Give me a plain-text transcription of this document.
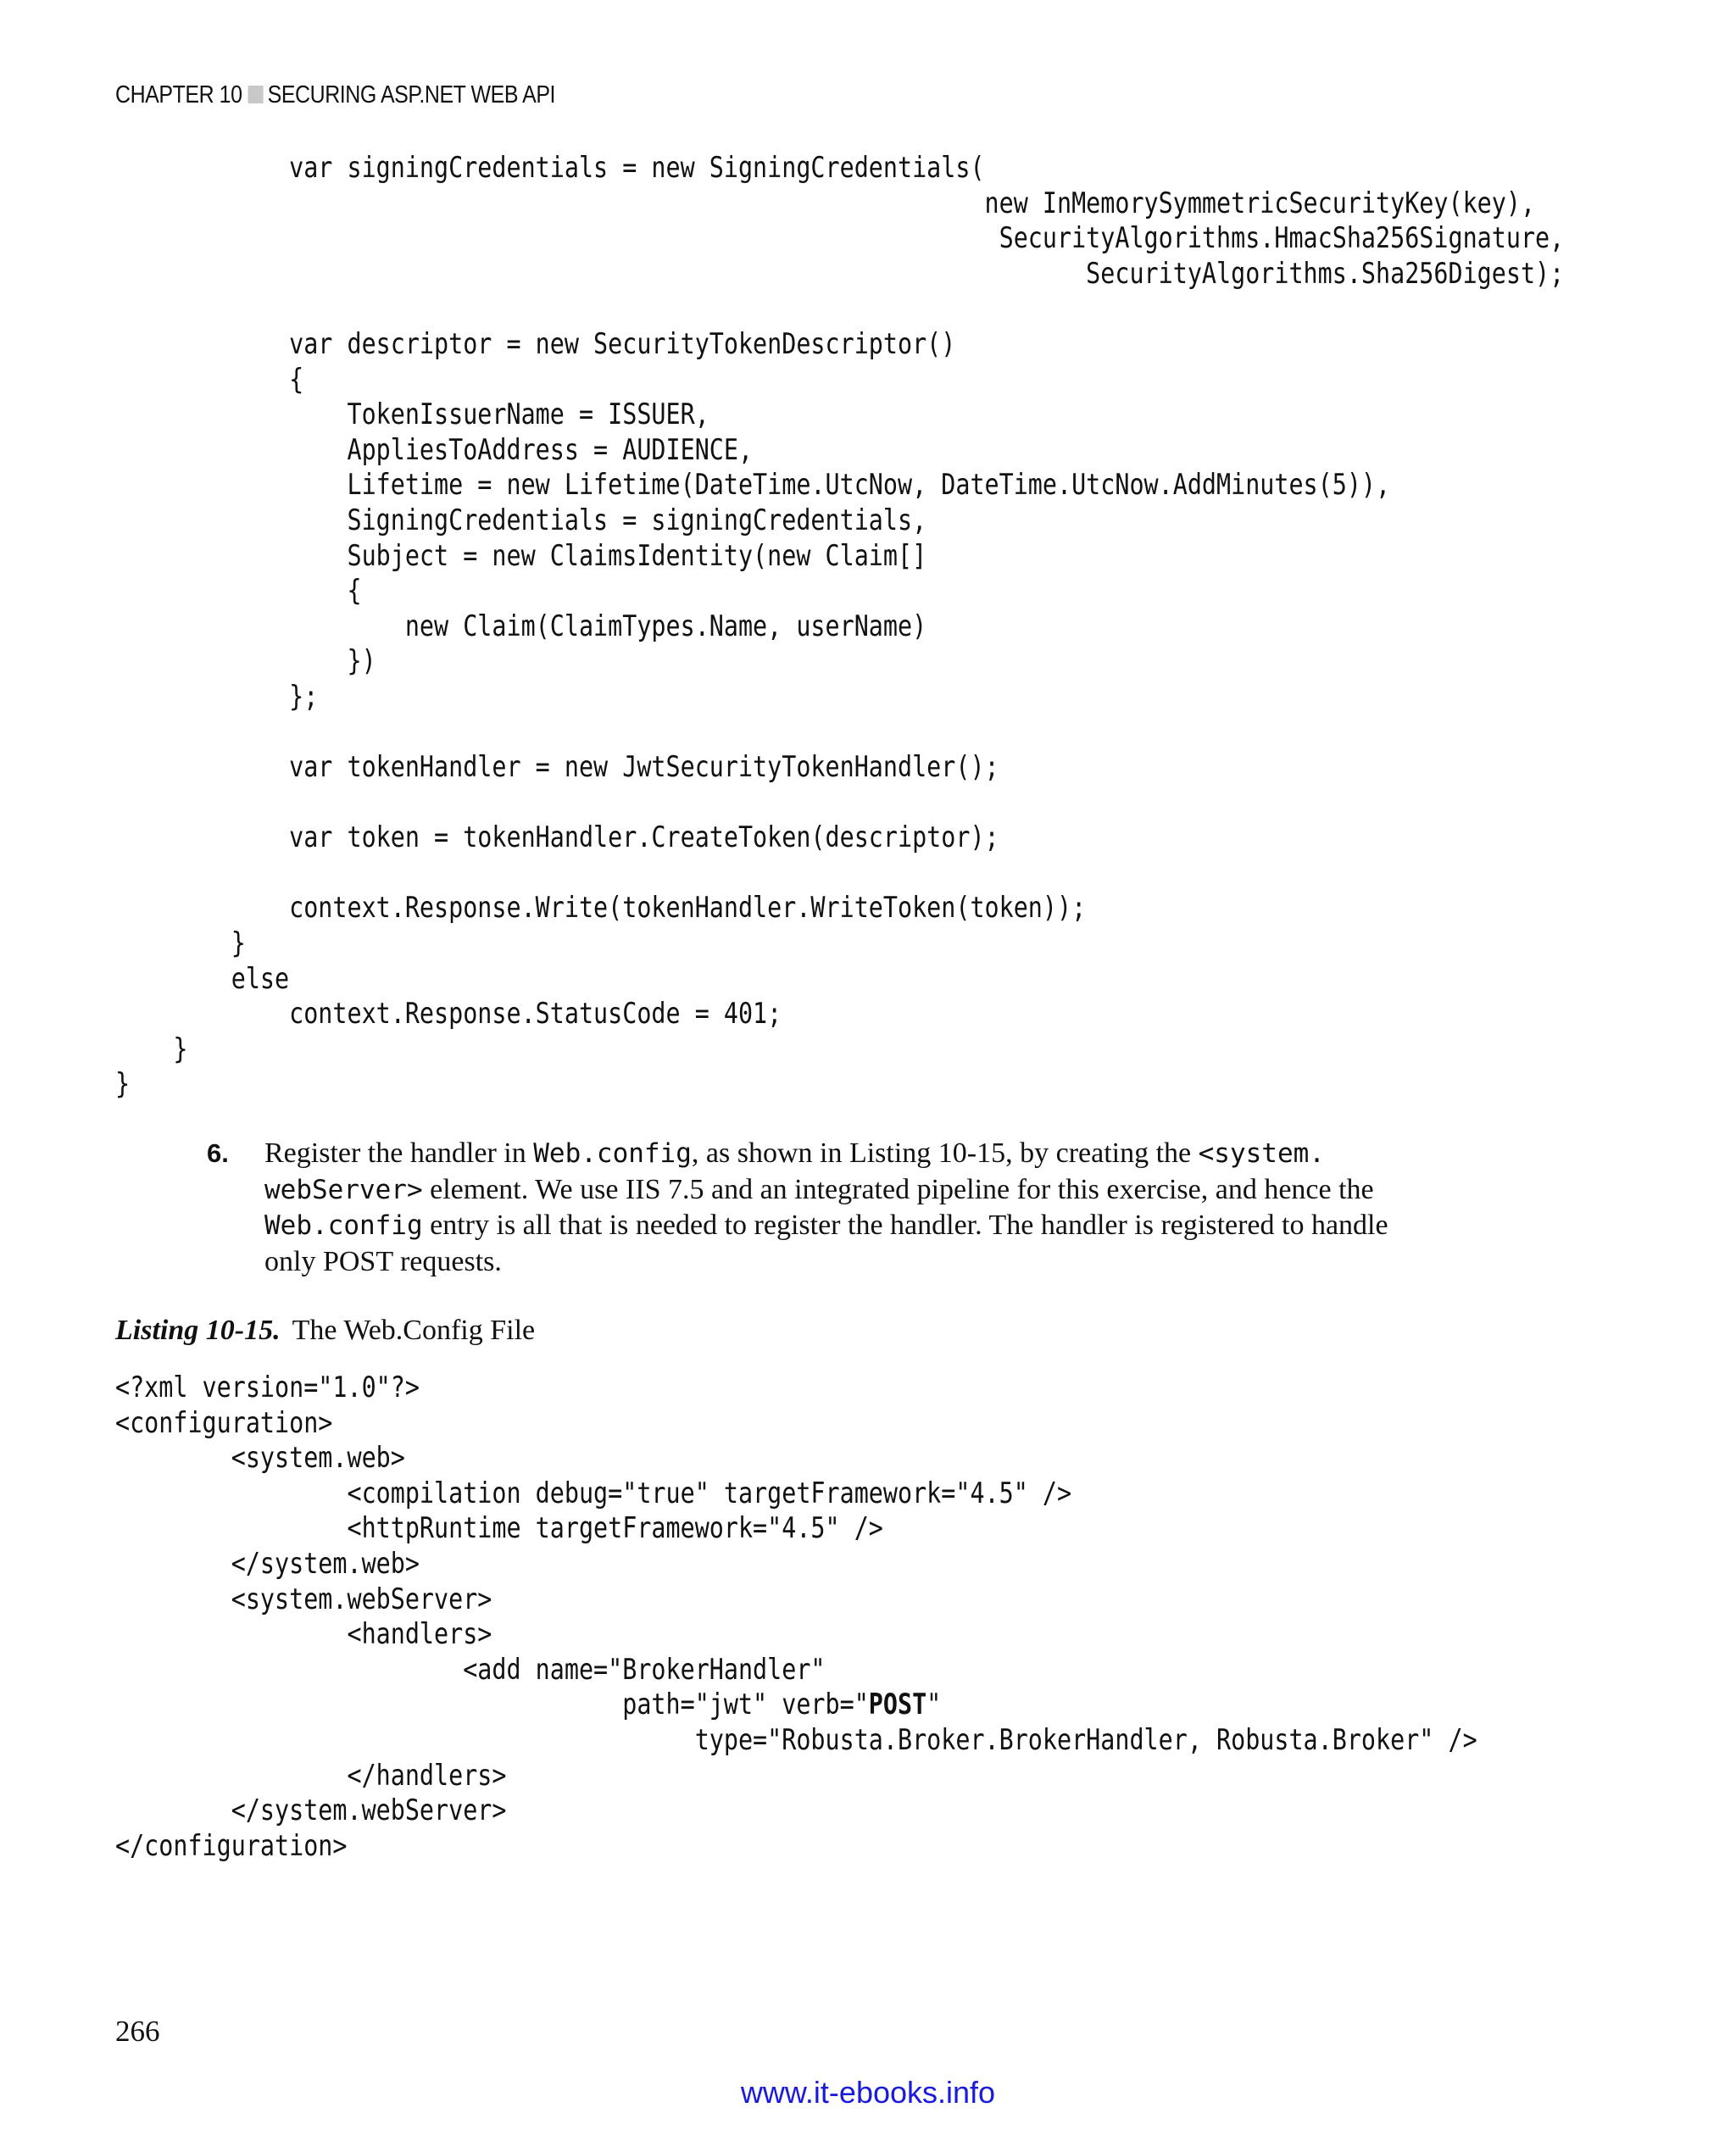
CHAPTER 10 SECURING ASP.NET WEB API
var signingCredentials = new SigningCredentials(
new InMemorySymmetricSecurityKey(key),
SecurityAlgorithms.HmacSha256Signature,
SecurityAlgorithms.Sha256Digest);

var descriptor = new SecurityTokenDescriptor()
{
TokenIssuerName = ISSUER,
AppliesToAddress = AUDIENCE,
Lifetime = new Lifetime(DateTime.UtcNow, DateTime.UtcNow.AddMinutes(5)),
SigningCredentials = signingCredentials,
Subject = new ClaimsIdentity(new Claim[]
{
new Claim(ClaimTypes.Name, userName)
})
};

var tokenHandler = new JwtSecurityTokenHandler();

var token = tokenHandler.CreateToken(descriptor);

context.Response.Write(tokenHandler.WriteToken(token));
}
else
context.Response.StatusCode = 401;
}
}

6. Register the handler in Web.config, as shown in Listing 10-15, by creating the <system.
webServer> element. We use IIS 7.5 and an integrated pipeline for this exercise, and hence the Web.config entry is all that is needed to register the handler. The handler is registered to handle only POST requests.
Listing 10-15. The Web.Config File
<?xml version="1.0"?>
<configuration>
<system.web>
<compilation debug="true" targetFramework="4.5" />
<httpRuntime targetFramework="4.5" />
</system.web>
<system.webServer>
<handlers>
<add name="BrokerHandler"
path="jwt" verb="POST"
type="Robusta.Broker.BrokerHandler, Robusta.Broker" />
</handlers>
</system.webServer>
</configuration>

266
www.it-ebooks.info
